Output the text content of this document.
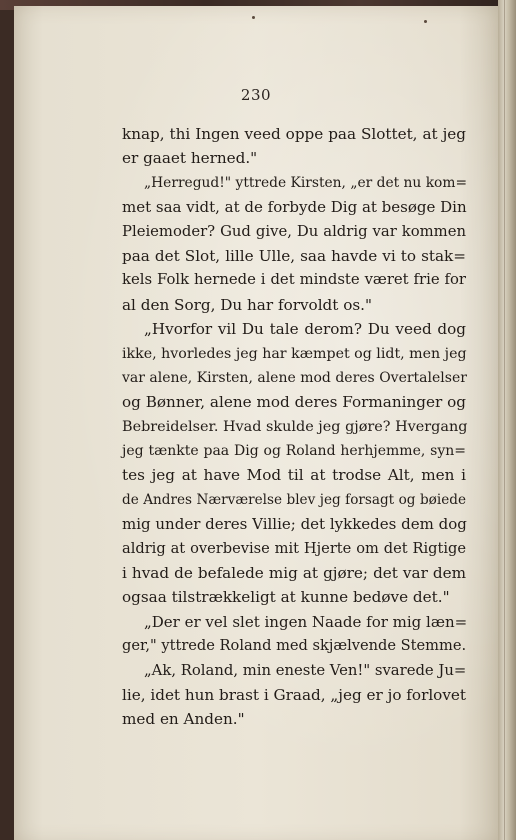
230
knap, thi Ingen veed oppe paa Slottet, at jeg
er gaaet herned."
„Herregud!" yttrede Kirsten, „er det nu kom=
met saa vidt, at de forbyde Dig at besøge Din
Pleiemoder? Gud give, Du aldrig var kommen
paa det Slot, lille Ulle, saa havde vi to stak=
kels Folk hernede i det mindste været frie for
al den Sorg, Du har forvoldt os."
„Hvorfor vil Du tale derom? Du veed dog
ikke, hvorledes jeg har kæmpet og lidt, men jeg
var alene, Kirsten, alene mod deres Overtalelser
og Bønner, alene mod deres Formaninger og
Bebreidelser. Hvad skulde jeg gjøre? Hvergang
jeg tænkte paa Dig og Roland herhjemme, syn=
tes jeg at have Mod til at trodse Alt, men i
de Andres Nærværelse blev jeg forsagt og bøiede
mig under deres Villie; det lykkedes dem dog
aldrig at overbevise mit Hjerte om det Rigtige
i hvad de befalede mig at gjøre; det var dem
ogsaa tilstrækkeligt at kunne bedøve det."
„Der er vel slet ingen Naade for mig læn=
ger," yttrede Roland med skjælvende Stemme.
„Ak, Roland, min eneste Ven!" svarede Ju=
lie, idet hun brast i Graad, „jeg er jo forlovet
med en Anden."
